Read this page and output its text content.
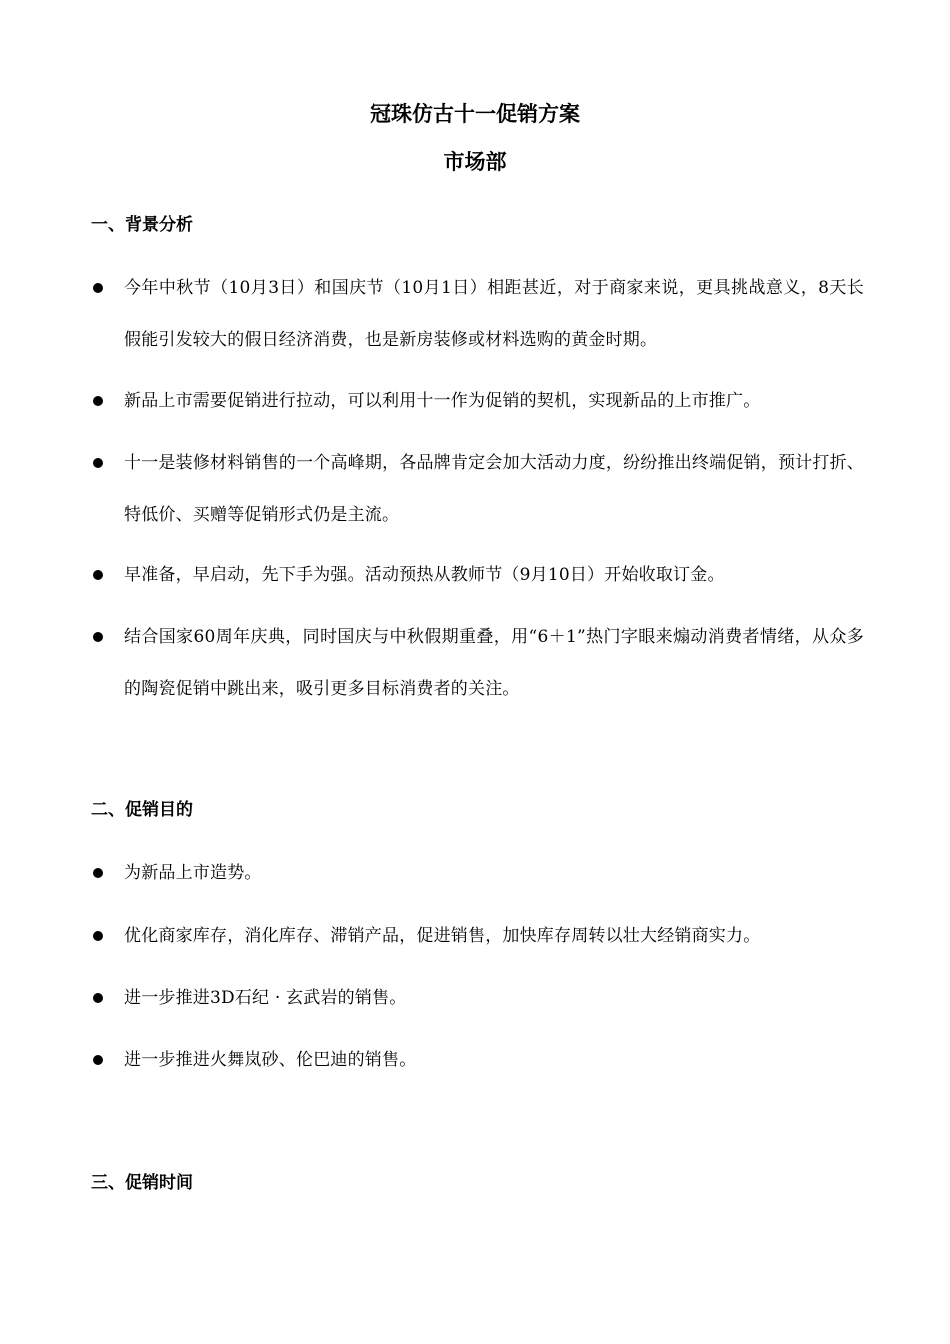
冠珠仿古十一促销方案
市场部
一、背景分析
今年中秋节（10月3日）和国庆节（10月1日）相距甚近，对于商家来说，更具挑战意义，8天长假能引发较大的假日经济消费，也是新房装修或材料选购的黄金时期。
新品上市需要促销进行拉动，可以利用十一作为促销的契机，实现新品的上市推广。
十一是装修材料销售的一个高峰期，各品牌肯定会加大活动力度，纷纷推出终端促销，预计打折、特低价、买赠等促销形式仍是主流。
早准备，早启动，先下手为强。活动预热从教师节（9月10日）开始收取订金。
结合国家60周年庆典，同时国庆与中秋假期重叠，用“6＋1”热门字眼来煽动消费者情绪，从众多的陶瓷促销中跳出来，吸引更多目标消费者的关注。
二、促销目的
为新品上市造势。
优化商家库存，消化库存、滞销产品，促进销售，加快库存周转以壮大经销商实力。
进一步推进3D石纪 · 玄武岩的销售。
进一步推进火舞岚砂、伦巴迪的销售。
三、促销时间
